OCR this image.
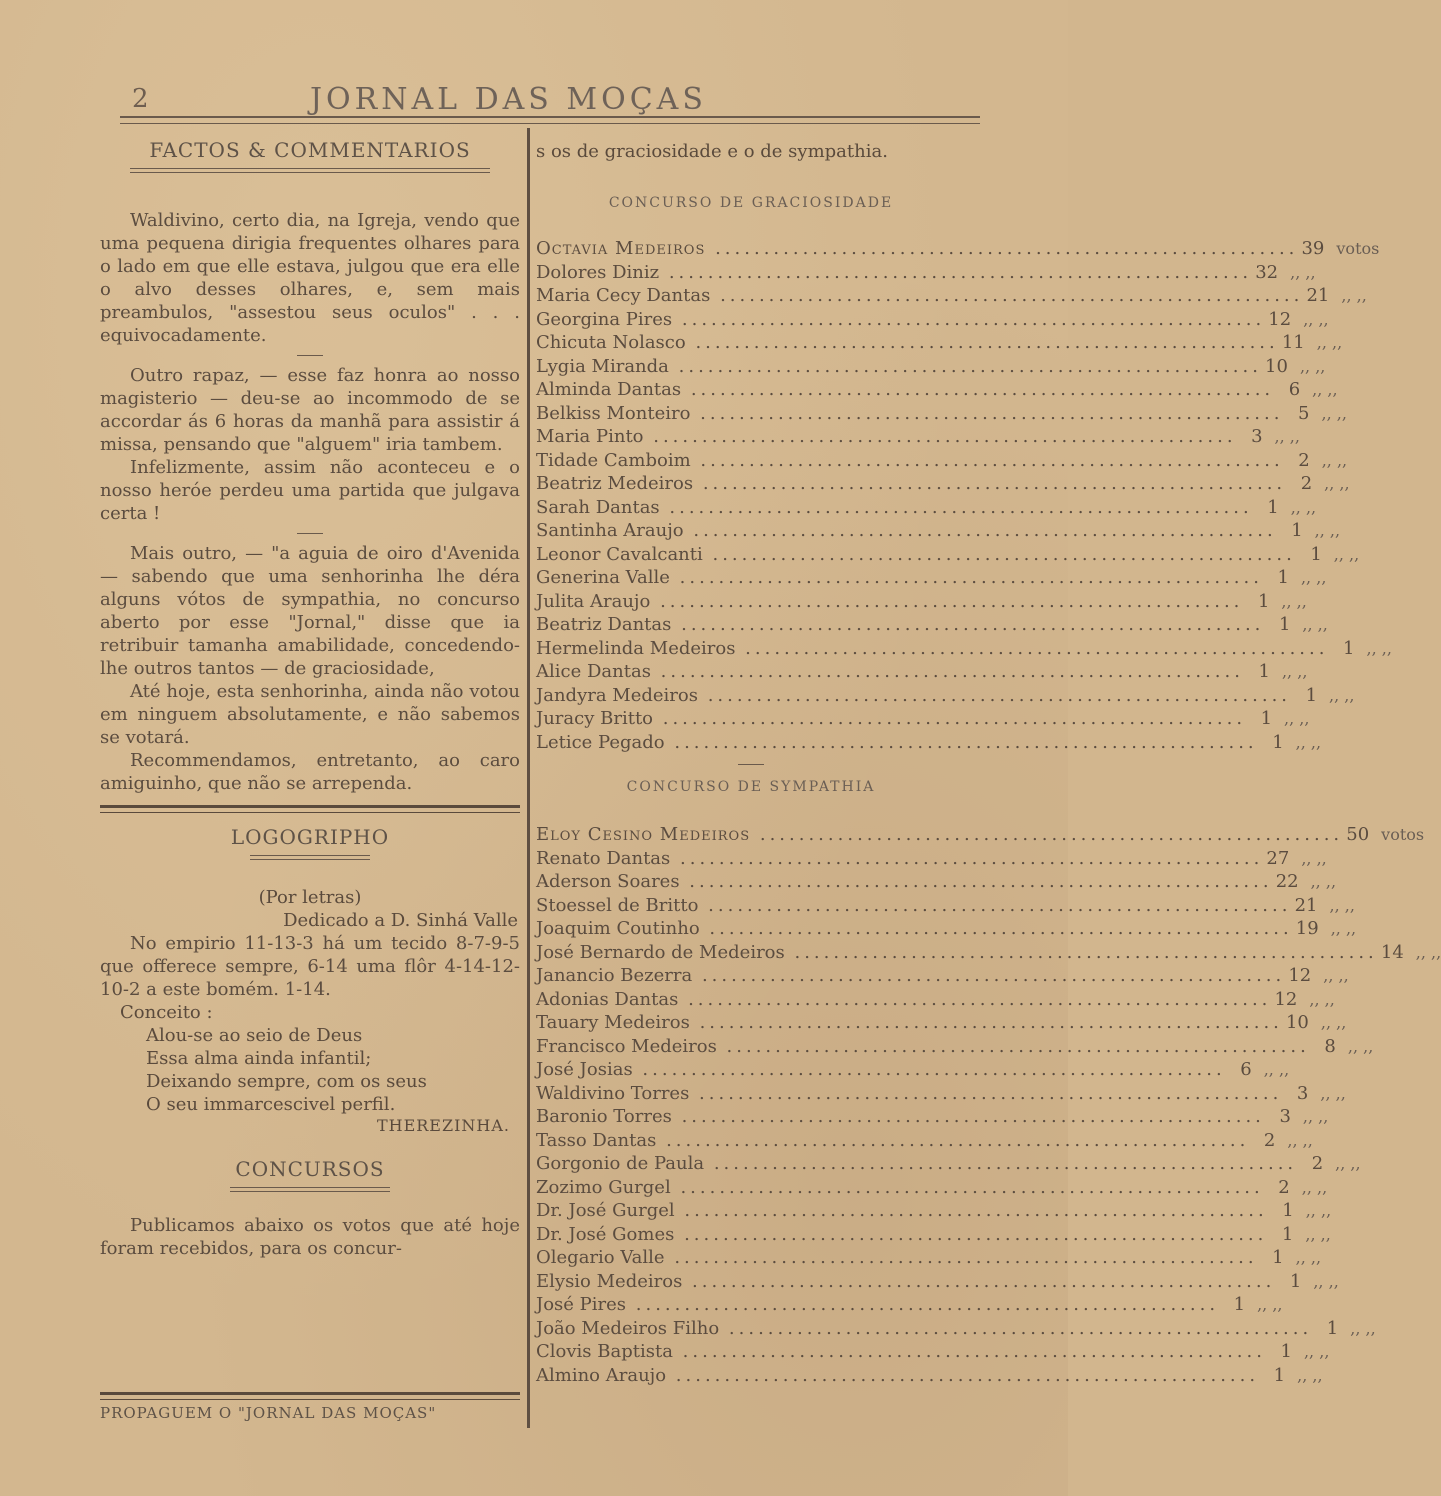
2	JORNAL DAS MOÇAS
FACTOS & COMMENTARIOS

Waldivino, certo dia, na Igreja, vendo que uma pequena dirigia frequentes olhares para o lado em que elle estava, julgou que era elle o alvo desses olhares, e, sem mais preambulos, "assestou seus oculos" . . . equivocadamente.

Outro rapaz, — esse faz honra ao nosso magisterio — deu-se ao incommodo de se accordar ás 6 horas da manhã para assistir á missa, pensando que "alguem" iria tambem.

Infelizmente, assim não aconteceu e o nosso heróe perdeu uma partida que julgava certa !

Mais outro, — "a aguia de oiro d'Avenida — sabendo que uma senhorinha lhe déra alguns vótos de sympathia, no concurso aberto por esse "Jornal," disse que ia retribuir tamanha amabilidade, concedendo-lhe outros tantos — de graciosidade,

Até hoje, esta senhorinha, ainda não votou em ninguem absolutamente, e não sabemos se votará.

Recommendamos, entretanto, ao caro amiguinho, que não se arrependa.

LOGOGRIPHO
(Por letras)
Dedicado a D. Sinhá Valle

No empirio 11-13-3 há um tecido 8-7-9-5 que offerece sempre, 6-14 uma flôr 4-14-12-10-2 a este bomém. 1-14.

Conceito :
Alou-se ao seio de Deus
Essa alma ainda infantil;
Deixando sempre, com os seus
O seu immarcescivel perfil.
THEREZINHA.
CONCURSOS

Publicamos abaixo os votos que até hoje foram recebidos, para os concur-

PROPAGUEM O "JORNAL DAS MOÇAS"
s os de graciosidade e o de sympathia.

CONCURSO DE GRACIOSIDADE

Octavia Medeiros ............................................................ 39 votos
Dolores Diniz ............................................................ 32 ,, ,,
Maria Cecy Dantas ............................................................ 21 ,, ,,
Georgina Pires ............................................................ 12 ,, ,,
Chicuta Nolasco ............................................................ 11 ,, ,,
Lygia Miranda ............................................................ 10 ,, ,,
Alminda Dantas ............................................................ 6 ,, ,,
Belkiss Monteiro ............................................................ 5 ,, ,,
Maria Pinto ............................................................ 3 ,, ,,
Tidade Camboim ............................................................ 2 ,, ,,
Beatriz Medeiros ............................................................ 2 ,, ,,
Sarah Dantas ............................................................ 1 ,, ,,
Santinha Araujo ............................................................ 1 ,, ,,
Leonor Cavalcanti ............................................................ 1 ,, ,,
Generina Valle ............................................................ 1 ,, ,,
Julita Araujo ............................................................ 1 ,, ,,
Beatriz Dantas ............................................................ 1 ,, ,,
Hermelinda Medeiros ............................................................ 1 ,, ,,
Alice Dantas ............................................................ 1 ,, ,,
Jandyra Medeiros ............................................................ 1 ,, ,,
Juracy Britto ............................................................ 1 ,, ,,
Letice Pegado ............................................................ 1 ,, ,,

CONCURSO DE SYMPATHIA

Eloy Cesino Medeiros ............................................................ 50 votos
Renato Dantas ............................................................ 27 ,, ,,
Aderson Soares ............................................................ 22 ,, ,,
Stoessel de Britto ............................................................ 21 ,, ,,
Joaquim Coutinho ............................................................ 19 ,, ,,
José Bernardo de Medeiros ............................................................ 14 ,, ,,
Janancio Bezerra ............................................................ 12 ,, ,,
Adonias Dantas ............................................................ 12 ,, ,,
Tauary Medeiros ............................................................ 10 ,, ,,
Francisco Medeiros ............................................................ 8 ,, ,,
José Josias ............................................................ 6 ,, ,,
Waldivino Torres ............................................................ 3 ,, ,,
Baronio Torres ............................................................ 3 ,, ,,
Tasso Dantas ............................................................ 2 ,, ,,
Gorgonio de Paula ............................................................ 2 ,, ,,
Zozimo Gurgel ............................................................ 2 ,, ,,
Dr. José Gurgel ............................................................ 1 ,, ,,
Dr. José Gomes ............................................................ 1 ,, ,,
Olegario Valle ............................................................ 1 ,, ,,
Elysio Medeiros ............................................................ 1 ,, ,,
José Pires ............................................................ 1 ,, ,,
João Medeiros Filho ............................................................ 1 ,, ,,
Clovis Baptista ............................................................ 1 ,, ,,
Almino Araujo ............................................................ 1 ,, ,,
